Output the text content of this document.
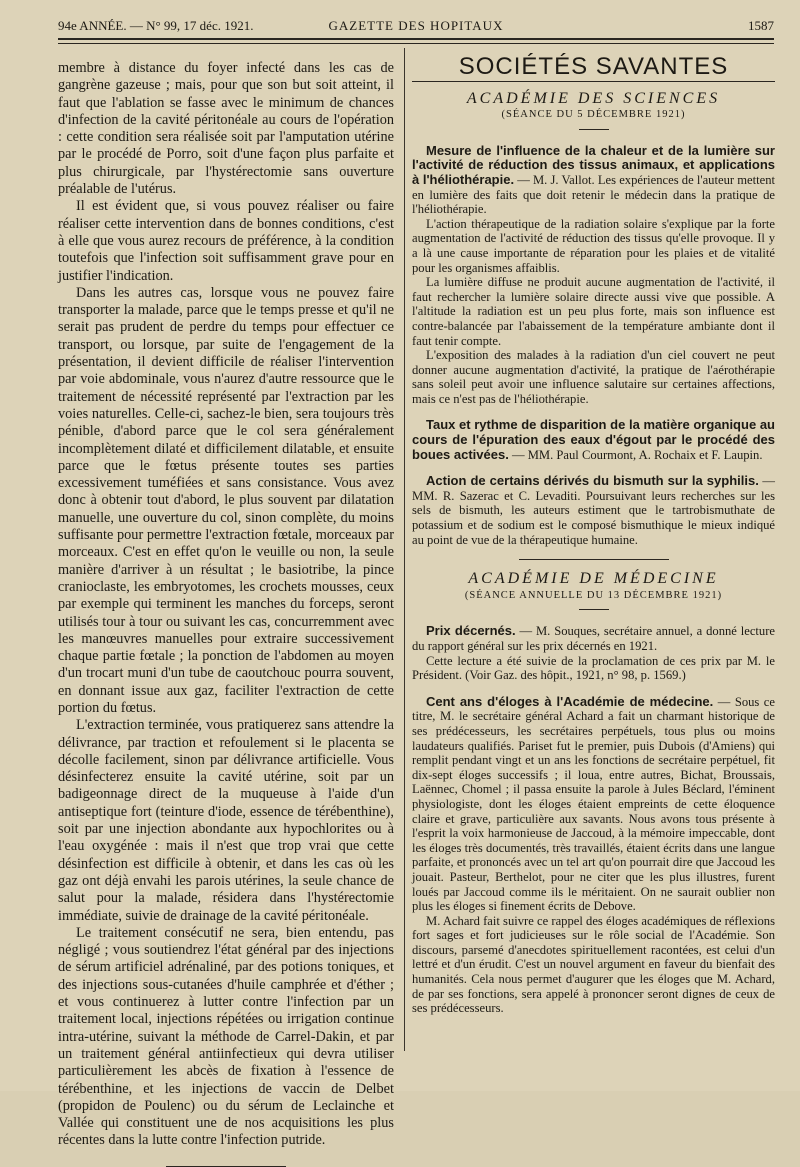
94e ANNÉE. — N° 99, 17 déc. 1921.	GAZETTE DES HOPITAUX	1587

membre à distance du foyer infecté dans les cas de gangrène gazeuse ; mais, pour que son but soit atteint, il faut que l'ablation se fasse avec le minimum de chances d'infection de la cavité péritonéale au cours de l'opération : cette condition sera réalisée soit par l'amputation utérine par le procédé de Porro, soit d'une façon plus parfaite et plus chirurgicale, par l'hystérectomie sans ouverture préalable de l'utérus.

Il est évident que, si vous pouvez réaliser ou faire réaliser cette intervention dans de bonnes conditions, c'est à elle que vous aurez recours de préférence, à la condition toutefois que l'infection soit suffisamment grave pour en justifier l'indication.

Dans les autres cas, lorsque vous ne pouvez faire transporter la malade, parce que le temps presse et qu'il ne serait pas prudent de perdre du temps pour effectuer ce transport, ou lorsque, par suite de l'engagement de la présentation, il devient difficile de réaliser l'intervention par voie abdominale, vous n'aurez d'autre ressource que le traitement de nécessité représenté par l'extraction par les voies naturelles. Celle-ci, sachez-le bien, sera toujours très pénible, d'abord parce que le col sera généralement incomplètement dilaté et difficilement dilatable, et ensuite parce que le fœtus présente toutes ses parties excessivement tuméfiées et sans consistance. Vous avez donc à obtenir tout d'abord, le plus souvent par dilatation manuelle, une ouverture du col, sinon complète, du moins suffisante pour permettre l'extraction fœtale, morceaux par morceaux. C'est en effet qu'on le veuille ou non, la seule manière d'arriver à un résultat ; le basiotribe, la pince cranioclaste, les embryotomes, les crochets mousses, ceux par exemple qui terminent les manches du forceps, seront utilisés tour à tour ou suivant les cas, concurremment avec les manœuvres manuelles pour extraire successivement chaque partie fœtale ; la ponction de l'abdomen au moyen d'un trocart muni d'un tube de caoutchouc pourra souvent, en donnant issue aux gaz, faciliter l'extraction de cette portion du fœtus.

L'extraction terminée, vous pratiquerez sans attendre la délivrance, par traction et refoulement si le placenta se décolle facilement, sinon par délivrance artificielle. Vous désinfecterez ensuite la cavité utérine, soit par un badigeonnage direct de la muqueuse à l'aide d'un antiseptique fort (teinture d'iode, essence de térébenthine), soit par une injection abondante aux hypochlorites ou à l'eau oxygénée : mais il n'est que trop vrai que cette désinfection est difficile à obtenir, et dans les cas où les gaz ont déjà envahi les parois utérines, la seule chance de salut pour la malade, résidera dans l'hystérectomie immédiate, suivie de drainage de la cavité péritonéale.

Le traitement consécutif ne sera, bien entendu, pas négligé ; vous soutiendrez l'état général par des injections de sérum artificiel adrénaliné, par des potions toniques, et des injections sous-cutanées d'huile camphrée et d'éther ; et vous continuerez à lutter contre l'infection par un traitement local, injections répétées ou irrigation continue intra-utérine, suivant la méthode de Carrel-Dakin, et par un traitement général antiinfectieux qui devra utiliser particulièrement les abcès de fixation à l'essence de térébenthine, et les injections de vaccin de Delbet (propidon de Poulenc) ou du sérum de Leclainche et Vallée qui constituent une de nos acquisitions les plus récentes dans la lutte contre l'infection putride.

SOCIÉTÉS SAVANTES
ACADÉMIE DES SCIENCES
(SÉANCE DU 5 DÉCEMBRE 1921)

Mesure de l'influence de la chaleur et de la lumière sur l'activité de réduction des tissus animaux, et applications à l'héliothérapie. — M. J. Vallot. Les expériences de l'auteur mettent en lumière des faits que doit retenir le médecin dans la pratique de l'héliothérapie.

L'action thérapeutique de la radiation solaire s'explique par la forte augmentation de l'activité de réduction des tissus qu'elle provoque. Il y a là une cause importante de réparation pour les plaies et de vitalité pour les organismes affaiblis.

La lumière diffuse ne produit aucune augmentation de l'activité, il faut rechercher la lumière solaire directe aussi vive que possible. A l'altitude la radiation est un peu plus forte, mais son influence est contre-balancée par l'abaissement de la température ambiante dont il faut tenir compte.

L'exposition des malades à la radiation d'un ciel couvert ne peut donner aucune augmentation d'activité, la pratique de l'aérothérapie sans soleil peut avoir une influence salutaire sur certaines affections, mais ce n'est pas de l'héliothérapie.

Taux et rythme de disparition de la matière organique au cours de l'épuration des eaux d'égout par le procédé des boues activées. — MM. Paul Courmont, A. Rochaix et F. Laupin.

Action de certains dérivés du bismuth sur la syphilis. — MM. R. Sazerac et C. Levaditi. Poursuivant leurs recherches sur les sels de bismuth, les auteurs estiment que le tartrobismuthate de potassium et de sodium est le composé bismuthique le mieux indiqué au point de vue de la thérapeutique humaine.

ACADÉMIE DE MÉDECINE
(SÉANCE ANNUELLE DU 13 DÉCEMBRE 1921)

Prix décernés. — M. Souques, secrétaire annuel, a donné lecture du rapport général sur les prix décernés en 1921.

Cette lecture a été suivie de la proclamation de ces prix par M. le Président. (Voir Gaz. des hôpit., 1921, n° 98, p. 1569.)

Cent ans d'éloges à l'Académie de médecine. — Sous ce titre, M. le secrétaire général Achard a fait un charmant historique de ses prédécesseurs, les secrétaires perpétuels, tous plus ou moins laudateurs qualifiés. Pariset fut le premier, puis Dubois (d'Amiens) qui remplit pendant vingt et un ans les fonctions de secrétaire perpétuel, fit dix-sept éloges successifs ; il loua, entre autres, Bichat, Broussais, Laënnec, Chomel ; il passa ensuite la parole à Jules Béclard, l'éminent physiologiste, dont les éloges étaient empreints de cette éloquence claire et grave, particulière aux savants. Nous avons tous présente à l'esprit la voix harmonieuse de Jaccoud, à la mémoire impeccable, dont les éloges très documentés, très travaillés, étaient écrits dans une langue parfaite, et prononcés avec un tel art qu'on pourrait dire que Jaccoud les jouait. Pasteur, Berthelot, pour ne citer que les plus illustres, furent loués par Jaccoud comme ils le méritaient. On ne saurait oublier non plus les éloges si finement écrits de Debove.

M. Achard fait suivre ce rappel des éloges académiques de réflexions fort sages et fort judicieuses sur le rôle social de l'Académie. Son discours, parsemé d'anecdotes spirituellement racontées, est celui d'un lettré et d'un érudit. C'est un nouvel argument en faveur du bienfait des humanités. Cela nous permet d'augurer que les éloges que M. Achard, de par ses fonctions, sera appelé à prononcer seront dignes de ceux de ses prédécesseurs.
